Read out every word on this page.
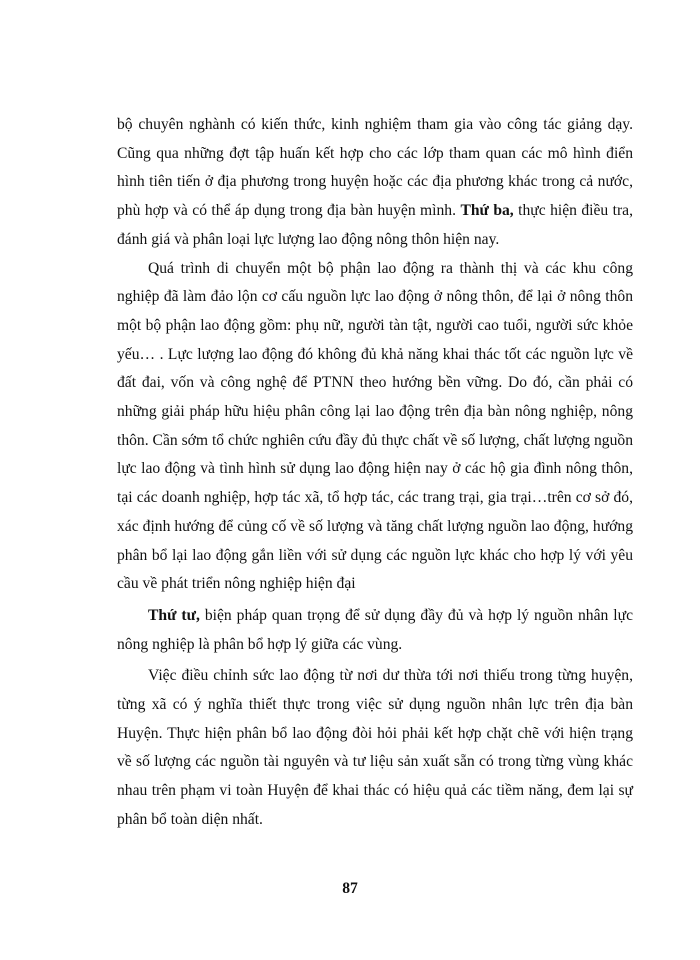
bộ chuyên nghành có kiến thức, kinh nghiệm tham gia vào công tác giảng dạy. Cũng qua những đợt tập huấn kết hợp cho các lớp tham quan các mô hình điển hình tiên tiến ở địa phương trong huyện hoặc các địa phương khác trong cả nước, phù hợp và có thể áp dụng trong địa bàn huyện mình. Thứ ba, thực hiện điều tra, đánh giá và phân loại lực lượng lao động nông thôn hiện nay.

Quá trình di chuyển một bộ phận lao động ra thành thị và các khu công nghiệp đã làm đảo lộn cơ cấu nguồn lực lao động ở nông thôn, để lại ở nông thôn một bộ phận lao động gồm: phụ nữ, người tàn tật, người cao tuổi, người sức khỏe yếu… . Lực lượng lao động đó không đủ khả năng khai thác tốt các nguồn lực về đất đai, vốn và công nghệ để PTNN theo hướng bền vững. Do đó, cần phải có những giải pháp hữu hiệu phân công lại lao động trên địa bàn nông nghiệp, nông thôn. Cần sớm tổ chức nghiên cứu đầy đủ thực chất về số lượng, chất lượng nguồn lực lao động và tình hình sử dụng lao động hiện nay ở các hộ gia đình nông thôn, tại các doanh nghiệp, hợp tác xã, tổ hợp tác, các trang trại, gia trại…trên cơ sở đó, xác định hướng để củng cố về số lượng và tăng chất lượng nguồn lao động, hướng phân bổ lại lao động gắn liền với sử dụng các nguồn lực khác cho hợp lý với yêu cầu về phát triển nông nghiệp hiện đại

Thứ tư, biện pháp quan trọng để sử dụng đầy đủ và hợp lý nguồn nhân lực nông nghiệp là phân bổ hợp lý giữa các vùng.

Việc điều chỉnh sức lao động từ nơi dư thừa tới nơi thiếu trong từng huyện, từng xã có ý nghĩa thiết thực trong việc sử dụng nguồn nhân lực trên địa bàn Huyện. Thực hiện phân bổ lao động đòi hỏi phải kết hợp chặt chẽ với hiện trạng về số lượng các nguồn tài nguyên và tư liệu sản xuất sẵn có trong từng vùng khác nhau trên phạm vi toàn Huyện để khai thác có hiệu quả các tiềm năng, đem lại sự phân bổ toàn diện nhất.

87
